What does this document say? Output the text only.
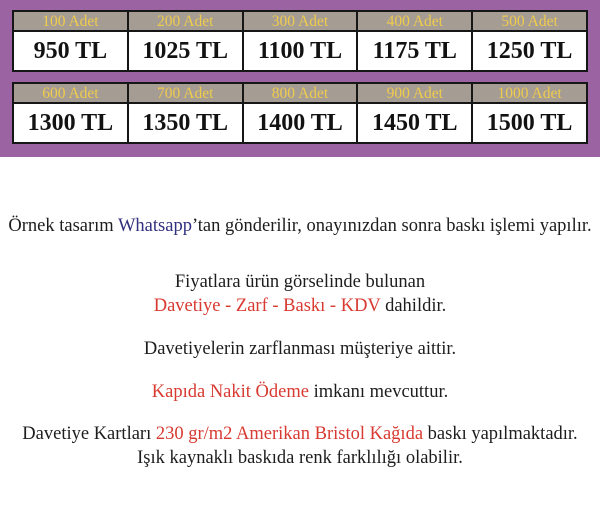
100 Adet
950 TL
200 Adet
1025 TL
300 Adet
1100 TL
400 Adet
1175 TL
500 Adet
1250 TL
600 Adet
1300 TL
700 Adet
1350 TL
800 Adet
1400 TL
900 Adet
1450 TL
1000 Adet
1500 TL

Örnek tasarım Whatsapp’tan gönderilir, onayınızdan sonra baskı işlemi yapılır.

Fiyatlara ürün görselinde bulunan
Davetiye - Zarf - Baskı - KDV dahildir.

Davetiyelerin zarflanması müşteriye aittir.

Kapıda Nakit Ödeme imkanı mevcuttur.

Davetiye Kartları 230 gr/m2 Amerikan Bristol Kağıda baskı yapılmaktadır.
Işık kaynaklı baskıda renk farklılığı olabilir.
